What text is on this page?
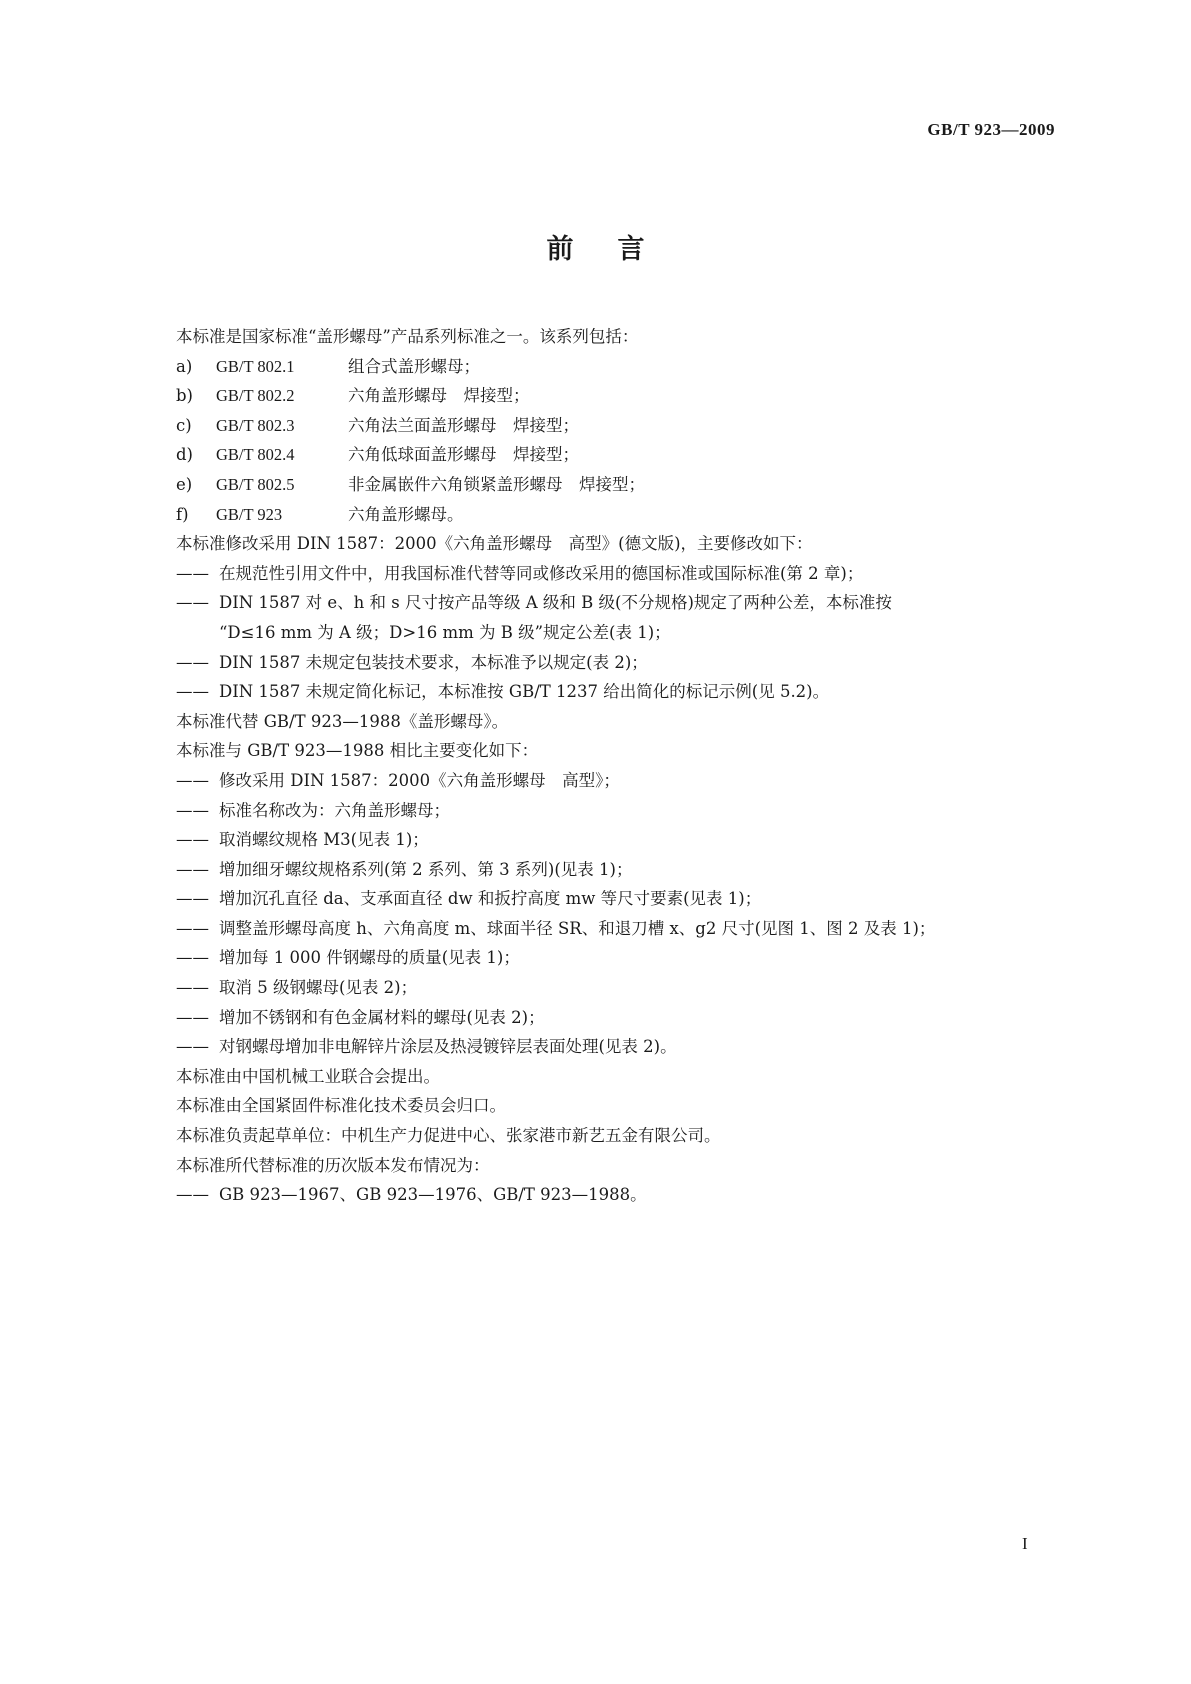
GB/T 923—2009
前言
本标准是国家标准“盖形螺母”产品系列标准之一。该系列包括：
a) GB/T 802.1	组合式盖形螺母；
b) GB/T 802.2	六角盖形螺母　焊接型；
c) GB/T 802.3	六角法兰面盖形螺母　焊接型；
d) GB/T 802.4	六角低球面盖形螺母　焊接型；
e) GB/T 802.5	非金属嵌件六角锁紧盖形螺母　焊接型；
f) GB/T 923	六角盖形螺母。
本标准修改采用 DIN 1587：2000《六角盖形螺母　高型》(德文版)，主要修改如下：
—— 在规范性引用文件中，用我国标准代替等同或修改采用的德国标准或国际标准(第 2 章)；
—— DIN 1587 对 e、h 和 s 尺寸按产品等级 A 级和 B 级(不分规格)规定了两种公差，本标准按
“D≤16 mm 为 A 级；D>16 mm 为 B 级”规定公差(表 1)；
—— DIN 1587 未规定包装技术要求，本标准予以规定(表 2)；
—— DIN 1587 未规定简化标记，本标准按 GB/T 1237 给出简化的标记示例(见 5.2)。
本标准代替 GB/T 923—1988《盖形螺母》。
本标准与 GB/T 923—1988 相比主要变化如下：
—— 修改采用 DIN 1587：2000《六角盖形螺母　高型》；
—— 标准名称改为：六角盖形螺母；
—— 取消螺纹规格 M3(见表 1)；
—— 增加细牙螺纹规格系列(第 2 系列、第 3 系列)(见表 1)；
—— 增加沉孔直径 da、支承面直径 dw 和扳拧高度 mw 等尺寸要素(见表 1)；
—— 调整盖形螺母高度 h、六角高度 m、球面半径 SR、和退刀槽 x、g2 尺寸(见图 1、图 2 及表 1)；
—— 增加每 1 000 件钢螺母的质量(见表 1)；
—— 取消 5 级钢螺母(见表 2)；
—— 增加不锈钢和有色金属材料的螺母(见表 2)；
—— 对钢螺母增加非电解锌片涂层及热浸镀锌层表面处理(见表 2)。
本标准由中国机械工业联合会提出。
本标准由全国紧固件标准化技术委员会归口。
本标准负责起草单位：中机生产力促进中心、张家港市新艺五金有限公司。
本标准所代替标准的历次版本发布情况为：
—— GB 923—1967、GB 923—1976、GB/T 923—1988。
I
